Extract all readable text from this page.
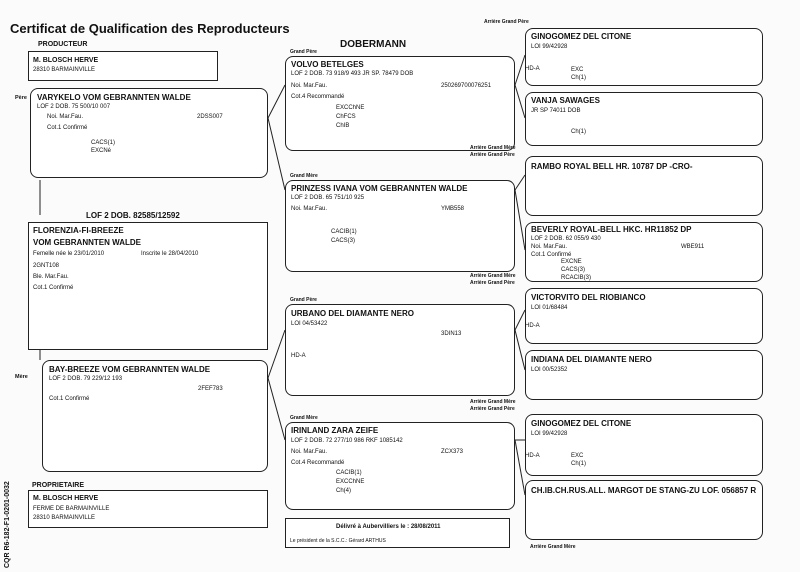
Certificat de Qualification des Reproducteurs
DOBERMANN
PRODUCTEUR
M. BLOSCH HERVE
28310 BARMAINVILLE
Père VARYKELO VOM GEBRANNTEN WALDE
LOF 2 DOB. 75 500/10 007
Noi. Mar.Fau.	2DSS007
Cot.1 Confirmé
CACS(1)
EXCNé
LOF 2 DOB. 82585/12592
FLORENZIA-FI-BREEZE
VOM GEBRANNTEN WALDE
Femelle née le 23/01/2010	Inscrite le 28/04/2010
2GNT108
Ble. Mar.Fau.
Cot.1 Confirmé
Mère
BAY-BREEZE VOM GEBRANNTEN WALDE
LOF 2 DOB. 79 229/12 193
2FEF783
Cot.1 Confirmé
PROPRIETAIRE
M. BLOSCH HERVE
FERME DE BARMAINVILLE
28310 BARMAINVILLE
Grand Père
VOLVO BETELGES
LOF 2 DOB. 73 918/9 493 JR SP. 78479 DOB
Noi. Mar.Fau.	250269700076251
Cot.4 Recommandé
EXCChNE
ChFCS
ChIB
Grand Mère
PRINZESS IVANA VOM GEBRANNTEN WALDE
LOF 2 DOB. 65 751/10 925
Noi. Mar.Fau.	YMB558
CACIB(1)
CACS(3)
Grand Père
URBANO DEL DIAMANTE NERO
LOI 04/53422
3DIN13
HD-A
Grand Mère
IRINLAND ZARA ZEIFE
LOF 2 DOB. 72 277/10 986 RKF 1085142
Noi. Mar.Fau.	ZCX373
Cot.4 Recommandé
CACIB(1)
EXCChNE
Ch(4)
Arrière Grand Père
Arrière Grand Mère
Arrière Grand Père
Arrière Grand Mère
Arrière Grand Père
Arrière Grand Mère
Arrière Grand Père
Arrière Grand Mère
GINOGOMEZ DEL CITONE
LOI 99/42928
EXC
Ch(1)
HD-A
VANJA SAWAGES
JR SP 74011 DOB
Ch(1)
RAMBO ROYAL BELL HR. 10787 DP -CRO-
BEVERLY ROYAL-BELL HKC. HR11852 DP
LOF 2 DOB. 62 055/9 430
Noi. Mar.Fau.	WBE911
Cot.1 Confirmé
EXCNE
CACS(3)
RCACIB(3)
VICTORVITO DEL RIOBIANCO
LOI 01/68484
HD-A
INDIANA DEL DIAMANTE NERO
LOI 00/52352
GINOGOMEZ DEL CITONE
LOI 99/42928
EXC
Ch(1)
HD-A
CH.IB.CH.RUS.ALL. MARGOT DE STANG-ZU LOF. 056857 R
Délivré à Aubervilliers le : 28/08/2011
Le président de la S.C.C.: Gérard ARTHUS
CQR R6-182-F1-0201-0032
